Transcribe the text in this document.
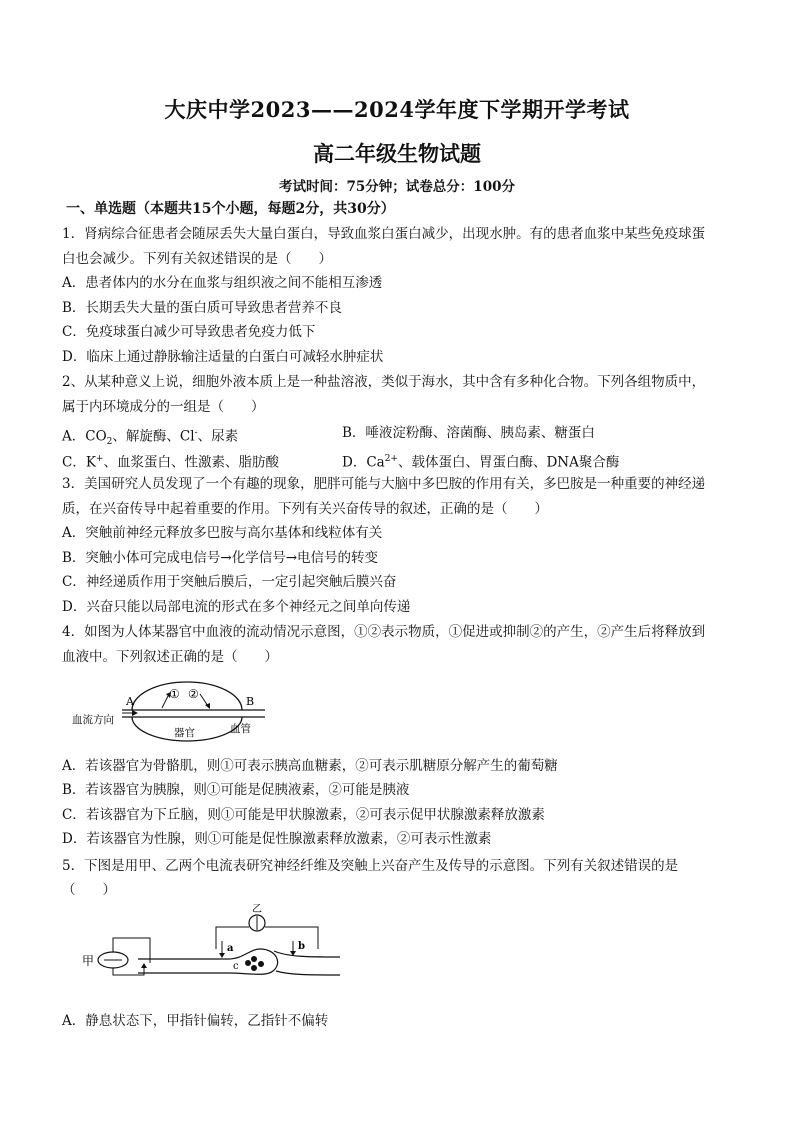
大庆中学2023——2024学年度下学期开学考试
高二年级生物试题
考试时间：75分钟；试卷总分：100分
一、单选题（本题共15个小题，每题2分，共30分）
1．肾病综合征患者会随尿丢失大量白蛋白，导致血浆白蛋白减少，出现水肿。有的患者血浆中某些免疫球蛋
白也会减少。下列有关叙述错误的是（　　）
A．患者体内的水分在血浆与组织液之间不能相互渗透
B．长期丢失大量的蛋白质可导致患者营养不良
C．免疫球蛋白减少可导致患者免疫力低下
D．临床上通过静脉输注适量的白蛋白可减轻水肿症状
2、从某种意义上说，细胞外液本质上是一种盐溶液，类似于海水，其中含有多种化合物。下列各组物质中，
属于内环境成分的一组是（　　）
A．$CO_2$、解旋酶、Cl-、尿素	B．唾液淀粉酶、溶菌酶、胰岛素、糖蛋白
C．K+、血浆蛋白、性激素、脂肪酸	D．$Ca^{2+}$、载体蛋白、胃蛋白酶、DNA聚合酶
3．美国研究人员发现了一个有趣的现象，肥胖可能与大脑中多巴胺的作用有关，多巴胺是一种重要的神经递
质，在兴奋传导中起着重要的作用。下列有关兴奋传导的叙述，正确的是（　　）
A．突触前神经元释放多巴胺与高尔基体和线粒体有关
B．突触小体可完成电信号→化学信号→电信号的转变
C．神经递质作用于突触后膜后，一定引起突触后膜兴奋
D．兴奋只能以局部电流的形式在多个神经元之间单向传递
4．如图为人体某器官中血液的流动情况示意图，①②表示物质，①促进或抑制②的产生，②产生后将释放到
血液中。下列叙述正确的是（　　）
A	B
① ②
血流方向
器官	血管
A．若该器官为骨骼肌，则①可表示胰高血糖素，②可表示肌糖原分解产生的葡萄糖
B．若该器官为胰腺，则①可能是促胰液素，②可能是胰液
C．若该器官为下丘脑，则①可能是甲状腺激素，②可表示促甲状腺激素释放激素
D．若该器官为性腺，则①可能是促性腺激素释放激素，②可表示性激素
5．下图是用甲、乙两个电流表研究神经纤维及突触上兴奋产生及传导的示意图。下列有关叙述错误的是
（　　）
甲	c
乙
a	b
A．静息状态下，甲指针偏转，乙指针不偏转
